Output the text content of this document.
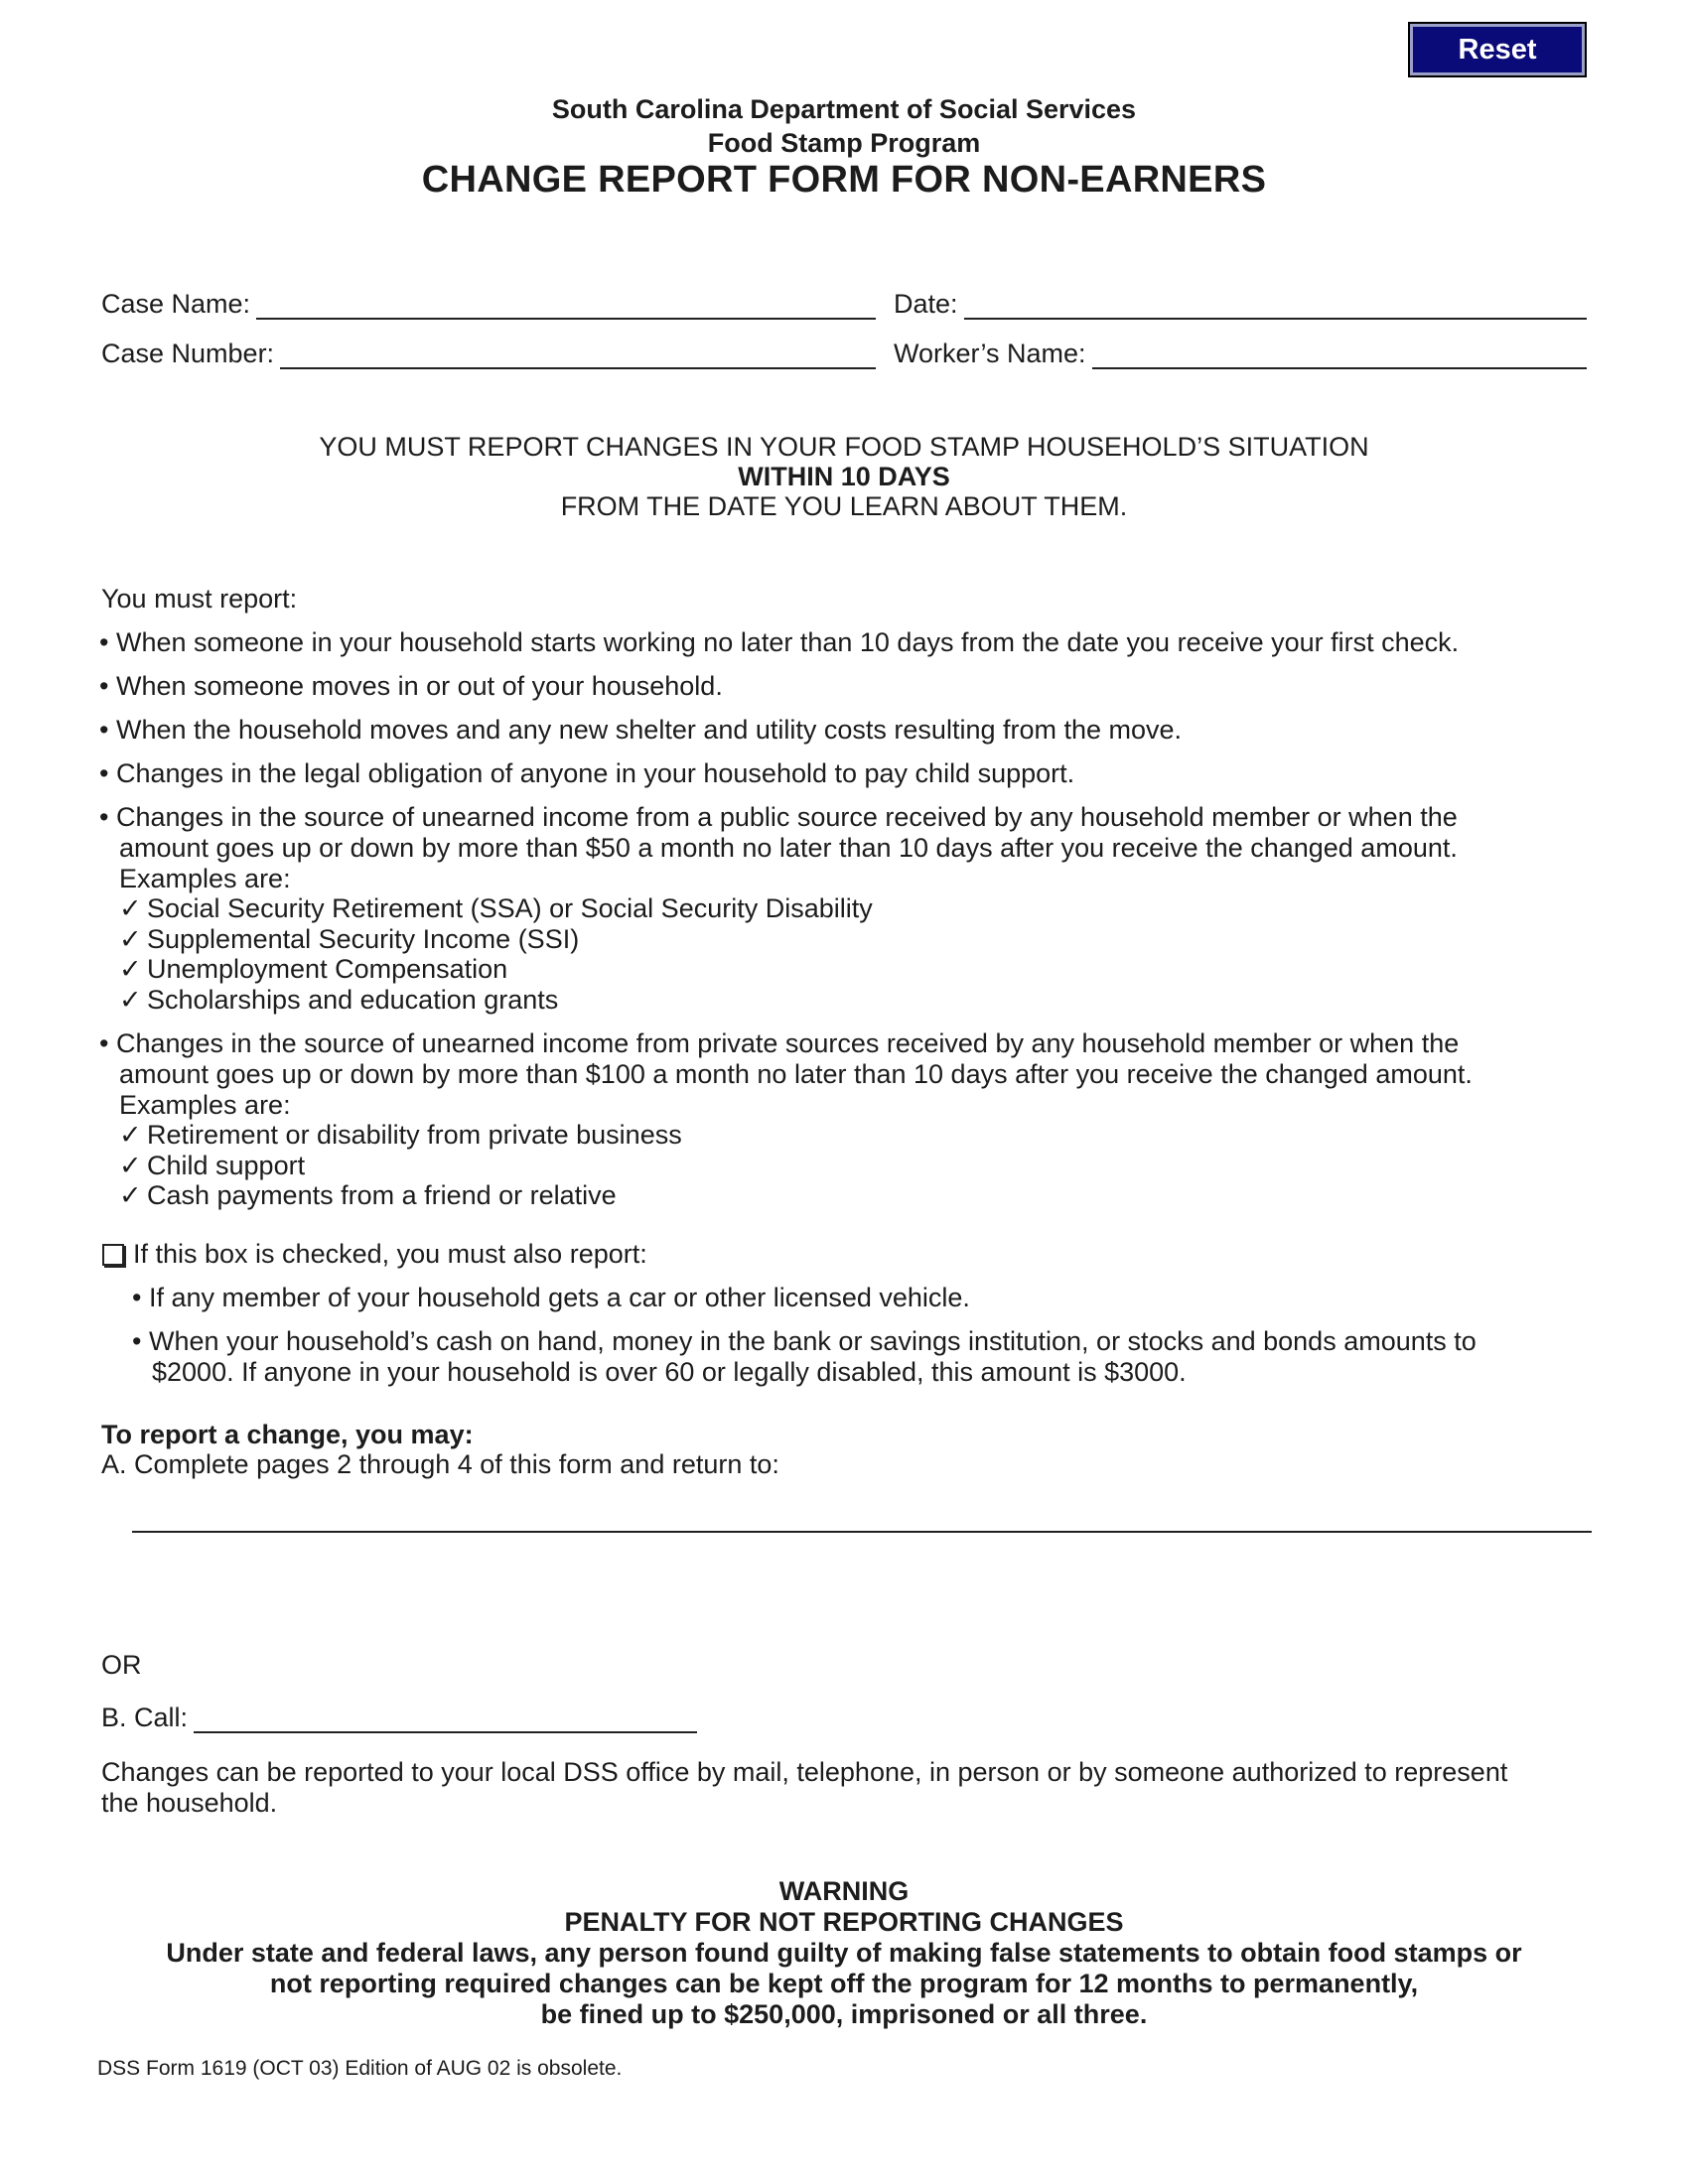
Reset
South Carolina Department of Social Services
Food Stamp Program
CHANGE REPORT FORM FOR NON-EARNERS
Case Name:	Date:
Case Number:	Worker’s Name:
YOU MUST REPORT CHANGES IN YOUR FOOD STAMP HOUSEHOLD’S SITUATION
WITHIN 10 DAYS
FROM THE DATE YOU LEARN ABOUT THEM.
You must report:
• When someone in your household starts working no later than 10 days from the date you receive your first check.
• When someone moves in or out of your household.
• When the household moves and any new shelter and utility costs resulting from the move.
• Changes in the legal obligation of anyone in your household to pay child support.
• Changes in the source of unearned income from a public source received by any household member or when the
amount goes up or down by more than $50 a month no later than 10 days after you receive the changed amount.
Examples are:
✓ Social Security Retirement (SSA) or Social Security Disability
✓ Supplemental Security Income (SSI)
✓ Unemployment Compensation
✓ Scholarships and education grants
• Changes in the source of unearned income from private sources received by any household member or when the
amount goes up or down by more than $100 a month no later than 10 days after you receive the changed amount.
Examples are:
✓ Retirement or disability from private business
✓ Child support
✓ Cash payments from a friend or relative
If this box is checked, you must also report:
• If any member of your household gets a car or other licensed vehicle.
• When your household’s cash on hand, money in the bank or savings institution, or stocks and bonds amounts to
$2000. If anyone in your household is over 60 or legally disabled, this amount is $3000.
To report a change, you may:
A. Complete pages 2 through 4 of this form and return to:
OR
B. Call:
Changes can be reported to your local DSS office by mail, telephone, in person or by someone authorized to represent
the household.
WARNING
PENALTY FOR NOT REPORTING CHANGES
Under state and federal laws, any person found guilty of making false statements to obtain food stamps or
not reporting required changes can be kept off the program for 12 months to permanently,
be fined up to $250,000, imprisoned or all three.
DSS Form 1619 (OCT 03) Edition of AUG 02 is obsolete.
